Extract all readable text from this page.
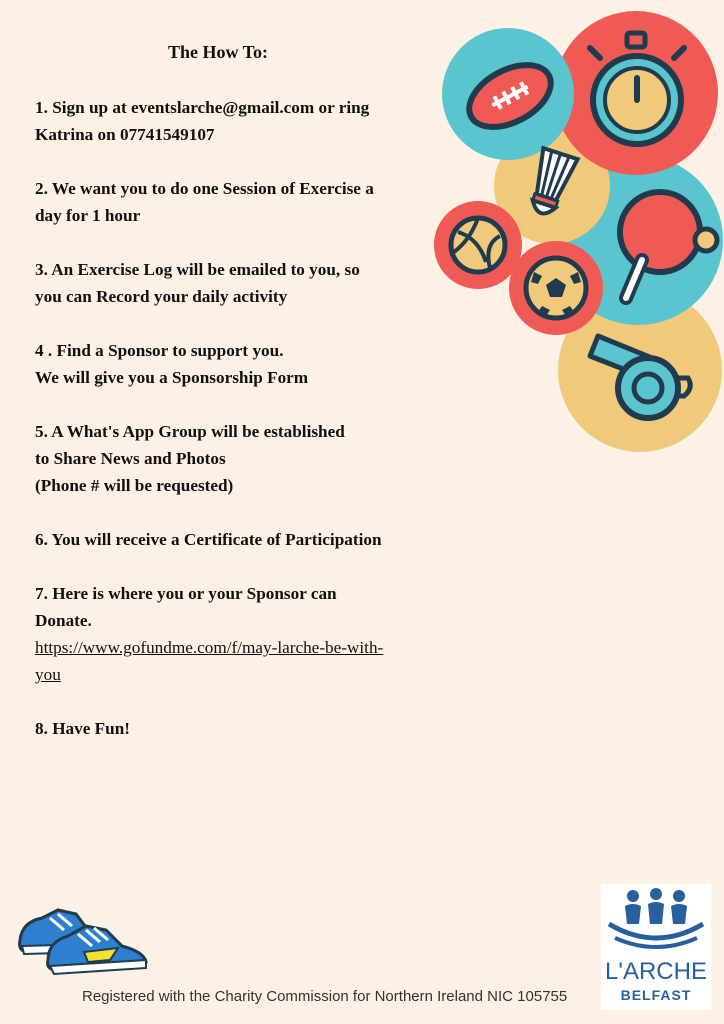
The How To:

1. Sign up at eventslarche@gmail.com or ring
Katrina on 07741549107

2. We want you to do one Session of Exercise a
day for 1 hour

3. An Exercise Log will be emailed to you, so
you can Record your daily activity

4 . Find a Sponsor to support you.
We will give you a Sponsorship Form

5. A What's App Group will be established
to Share News and Photos
(Phone # will be requested)

6. You will receive a Certificate of Participation

7. Here is where you or your Sponsor can
Donate.
https://www.gofundme.com/f/may-larche-be-with-
you

8. Have Fun!

L'ARCHE
BELFAST
Registered with the Charity Commission for Northern Ireland NIC 105755
